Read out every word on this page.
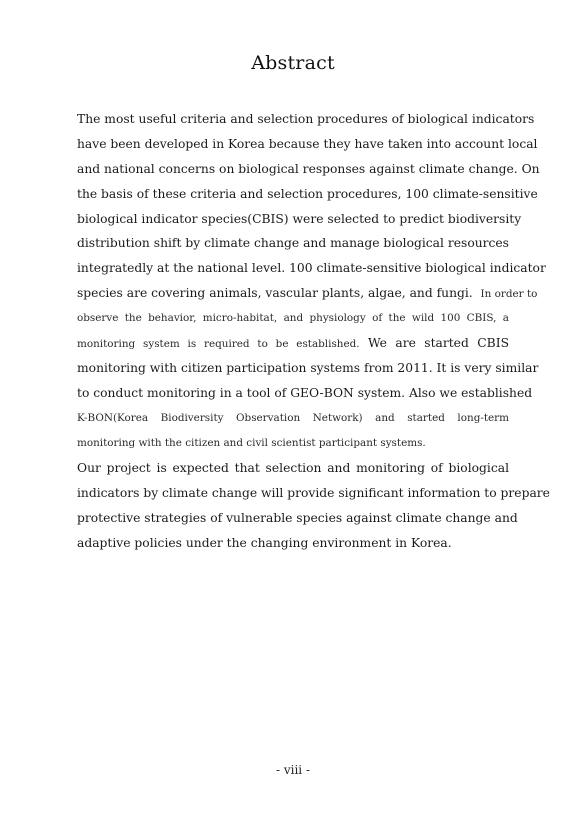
Abstract
The most useful criteria and selection procedures of biological indicators
have been developed in Korea because they have taken into account local
and national concerns on biological responses against climate change. On
the basis of these criteria and selection procedures, 100 climate-sensitive
biological indicator species(CBIS) were selected to predict biodiversity
distribution shift by climate change and manage biological resources
integratedly at the national level. 100 climate-sensitive biological indicator
species are covering animals, vascular plants, algae, and fungi. In order to
observe the behavior, micro-habitat, and physiology of the wild 100 CBIS, a
monitoring system is required to be established. We are started CBIS
monitoring with citizen participation systems from 2011. It is very similar
to conduct monitoring in a tool of GEO-BON system. Also we established
K-BON(Korea Biodiversity Observation Network) and started long-term
monitoring with the citizen and civil scientist participant systems.
Our project is expected that selection and monitoring of biological
indicators by climate change will provide significant information to prepare
protective strategies of vulnerable species against climate change and
adaptive policies under the changing environment in Korea.
- viii -
